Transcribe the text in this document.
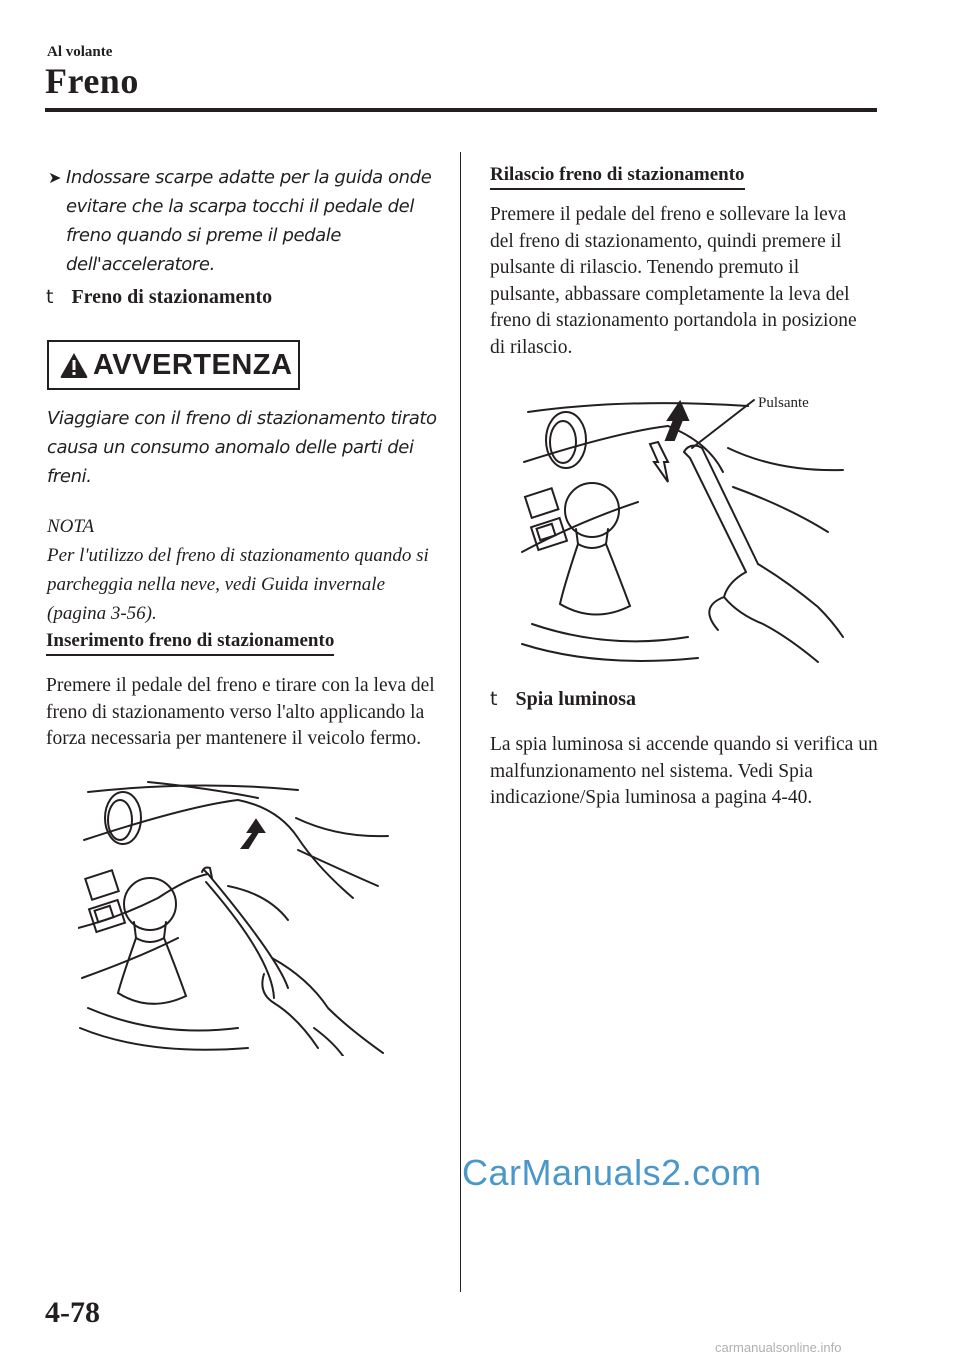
Al volante
Freno
➤ Indossare scarpe adatte per la guida onde evitare che la scarpa tocchi il pedale del freno quando si preme il pedale dell'acceleratore.
t Freno di stazionamento
AVVERTENZA
Viaggiare con il freno di stazionamento tirato causa un consumo anomalo delle parti dei freni.
NOTA
Per l'utilizzo del freno di stazionamento quando si parcheggia nella neve, vedi Guida invernale (pagina 3-56).
Inserimento freno di stazionamento
Premere il pedale del freno e tirare con la leva del freno di stazionamento verso l'alto applicando la forza necessaria per mantenere il veicolo fermo.
Rilascio freno di stazionamento
Premere il pedale del freno e sollevare la leva del freno di stazionamento, quindi premere il pulsante di rilascio. Tenendo premuto il pulsante, abbassare completamente la leva del freno di stazionamento portandola in posizione di rilascio.
Pulsante
t Spia luminosa
La spia luminosa si accende quando si verifica un malfunzionamento nel sistema. Vedi Spia indicazione/Spia luminosa a pagina 4-40.
CarManuals2.com
4-78
carmanualsonline.info
